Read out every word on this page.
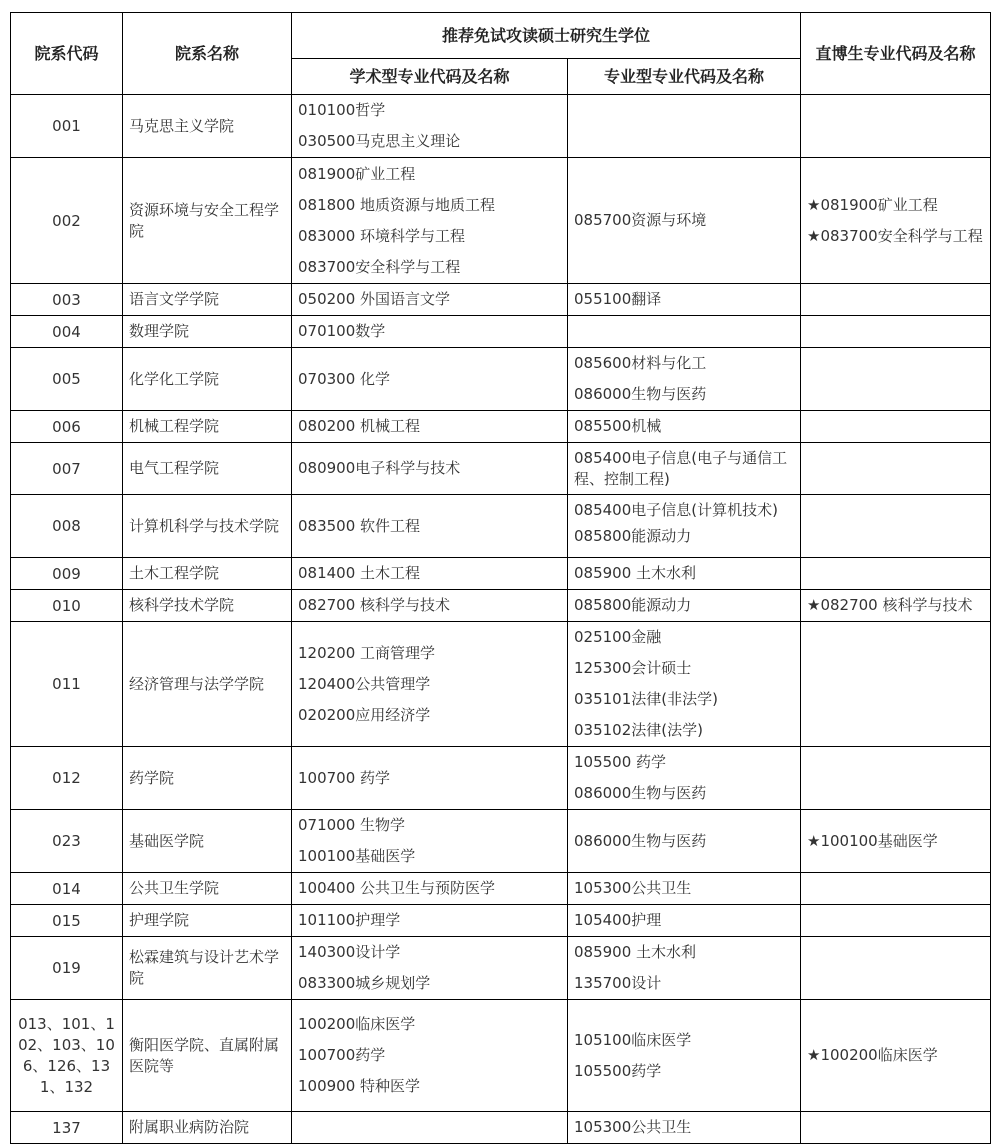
院系代码	院系名称	推荐免试攻读硕士研究生学位		直博生专业代码及名称
		学术型专业代码及名称	专业型专业代码及名称	
001	马克思主义学院	010100哲学
030500马克思主义理论		

002	资源环境与安全工程学院	081900矿业工程
081800 地质资源与地质工程
083000 环境科学与工程
083700安全科学与工程	085700资源与环境	★081900矿业工程
★083700安全科学与工程

003	语言文学学院	050200 外国语言文学	055100翻译	

004	数理学院	070100数学		

005	化学化工学院	070300 化学	085600材料与化工
086000生物与医药	

006	机械工程学院	080200 机械工程	085500机械	

007	电气工程学院	080900电子科学与技术	085400电子信息(电子与通信工程、控制工程)	

008	计算机科学与技术学院	083500 软件工程	085400电子信息(计算机技术)
085800能源动力	

009	土木工程学院	081400 土木工程	085900 土木水利	

010	核科学技术学院	082700 核科学与技术	085800能源动力	★082700 核科学与技术

011	经济管理与法学学院	120200 工商管理学
120400公共管理学
020200应用经济学	025100金融
125300会计硕士
035101法律(非法学)
035102法律(法学)	

012	药学院	100700 药学	105500 药学
086000生物与医药	

023	基础医学院	071000 生物学
100100基础医学	086000生物与医药	★100100基础医学

014	公共卫生学院	100400 公共卫生与预防医学	105300公共卫生	

015	护理学院	101100护理学	105400护理	

019	松霖建筑与设计艺术学院	140300设计学
083300城乡规划学	085900 土木水利
135700设计	

013、101、102、103、106、126、131、132	衡阳医学院、直属附属医院等	100200临床医学
100700药学
100900 特种医学	105100临床医学
105500药学	★100200临床医学

137	附属职业病防治院		105300公共卫生	
